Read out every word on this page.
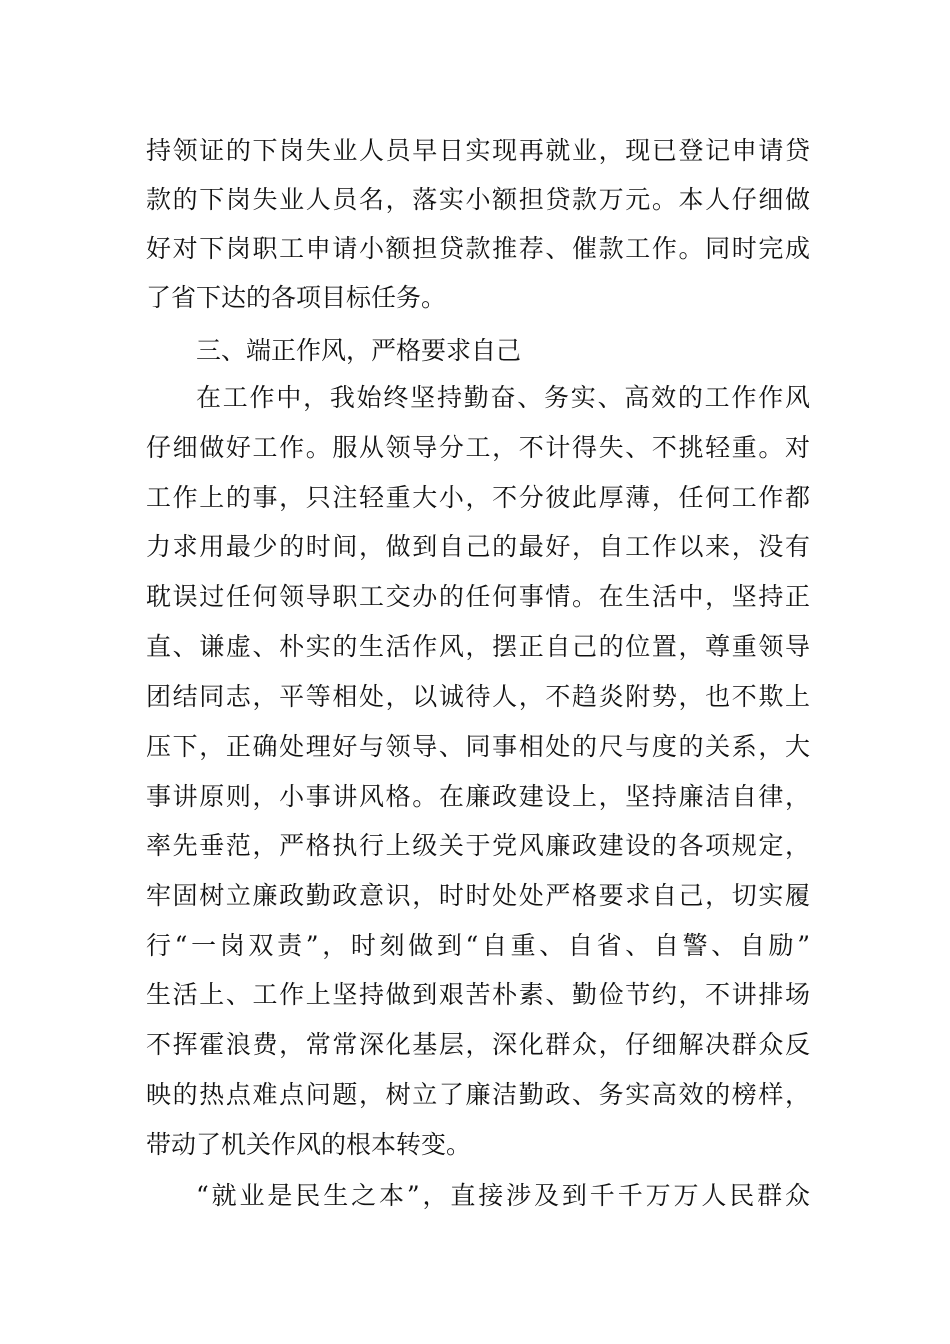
持领证的下岗失业人员早日实现再就业，现已登记申请贷
款的下岗失业人员名，落实小额担贷款万元。本人仔细做
好对下岗职工申请小额担贷款推荐、催款工作。同时完成
了省下达的各项目标任务。
三、端正作风，严格要求自己
在工作中，我始终坚持勤奋、务实、高效的工作作风
仔细做好工作。服从领导分工，不计得失、不挑轻重。对
工作上的事，只注轻重大小，不分彼此厚薄，任何工作都
力求用最少的时间，做到自己的最好，自工作以来，没有
耽误过任何领导职工交办的任何事情。在生活中，坚持正
直、谦虚、朴实的生活作风，摆正自己的位置，尊重领导
团结同志，平等相处，以诚待人，不趋炎附势，也不欺上
压下，正确处理好与领导、同事相处的尺与度的关系，大
事讲原则，小事讲风格。在廉政建设上，坚持廉洁自律，
率先垂范，严格执行上级关于党风廉政建设的各项规定，
牢固树立廉政勤政意识，时时处处严格要求自己，切实履
行“一岗双责”，时刻做到“自重、自省、自警、自励”
生活上、工作上坚持做到艰苦朴素、勤俭节约，不讲排场
不挥霍浪费，常常深化基层，深化群众，仔细解决群众反
映的热点难点问题，树立了廉洁勤政、务实高效的榜样，
带动了机关作风的根本转变。
“就业是民生之本”，直接涉及到千千万万人民群众
